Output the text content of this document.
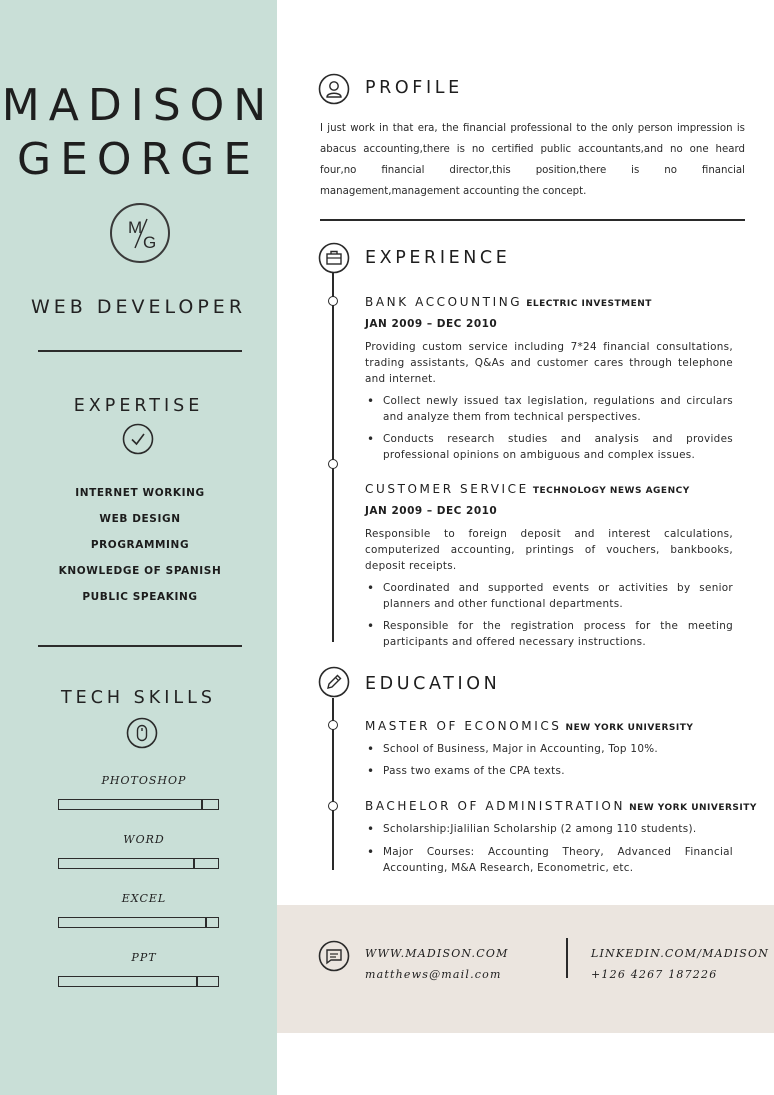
MADISON
GEORGE
M
G
WEB DEVELOPER
EXPERTISE
INTERNET WORKING
WEB DESIGN
PROGRAMMING
KNOWLEDGE OF SPANISH
PUBLIC SPEAKING
TECH SKILLS
PHOTOSHOP
WORD
EXCEL
PPT
PROFILE
I just work in that era, the financial professional to the only person impression is abacus accounting,there is no certified public accountants,and no one heard four,no financial director,this position,there is no financial management,management accounting the concept.
EXPERIENCE
BANK ACCOUNTING ELECTRIC INVESTMENT
JAN 2009 – DEC 2010
Providing custom service including 7*24 financial consultations, trading assistants, Q&As and customer cares through telephone and internet.
• Collect newly issued tax legislation, regulations and circulars and analyze them from technical perspectives.
• Conducts research studies and analysis and provides professional opinions on ambiguous and complex issues.
CUSTOMER SERVICE TECHNOLOGY NEWS AGENCY
JAN 2009 – DEC 2010
Responsible to foreign deposit and interest calculations, computerized accounting, printings of vouchers, bankbooks, deposit receipts.
• Coordinated and supported events or activities by senior planners and other functional departments.
• Responsible for the registration process for the meeting participants and offered necessary instructions.
EDUCATION
MASTER OF ECONOMICS NEW YORK UNIVERSITY
• School of Business, Major in Accounting, Top 10%.
• Pass two exams of the CPA texts.
BACHELOR OF ADMINISTRATION NEW YORK UNIVERSITY
• Scholarship:Jialilian Scholarship (2 among 110 students).
• Major Courses: Accounting Theory, Advanced Financial Accounting, M&A Research, Econometric, etc.
WWW.MADISON.COM
matthews@mail.com
LINKEDIN.COM/MADISON
+126 4267 187226
